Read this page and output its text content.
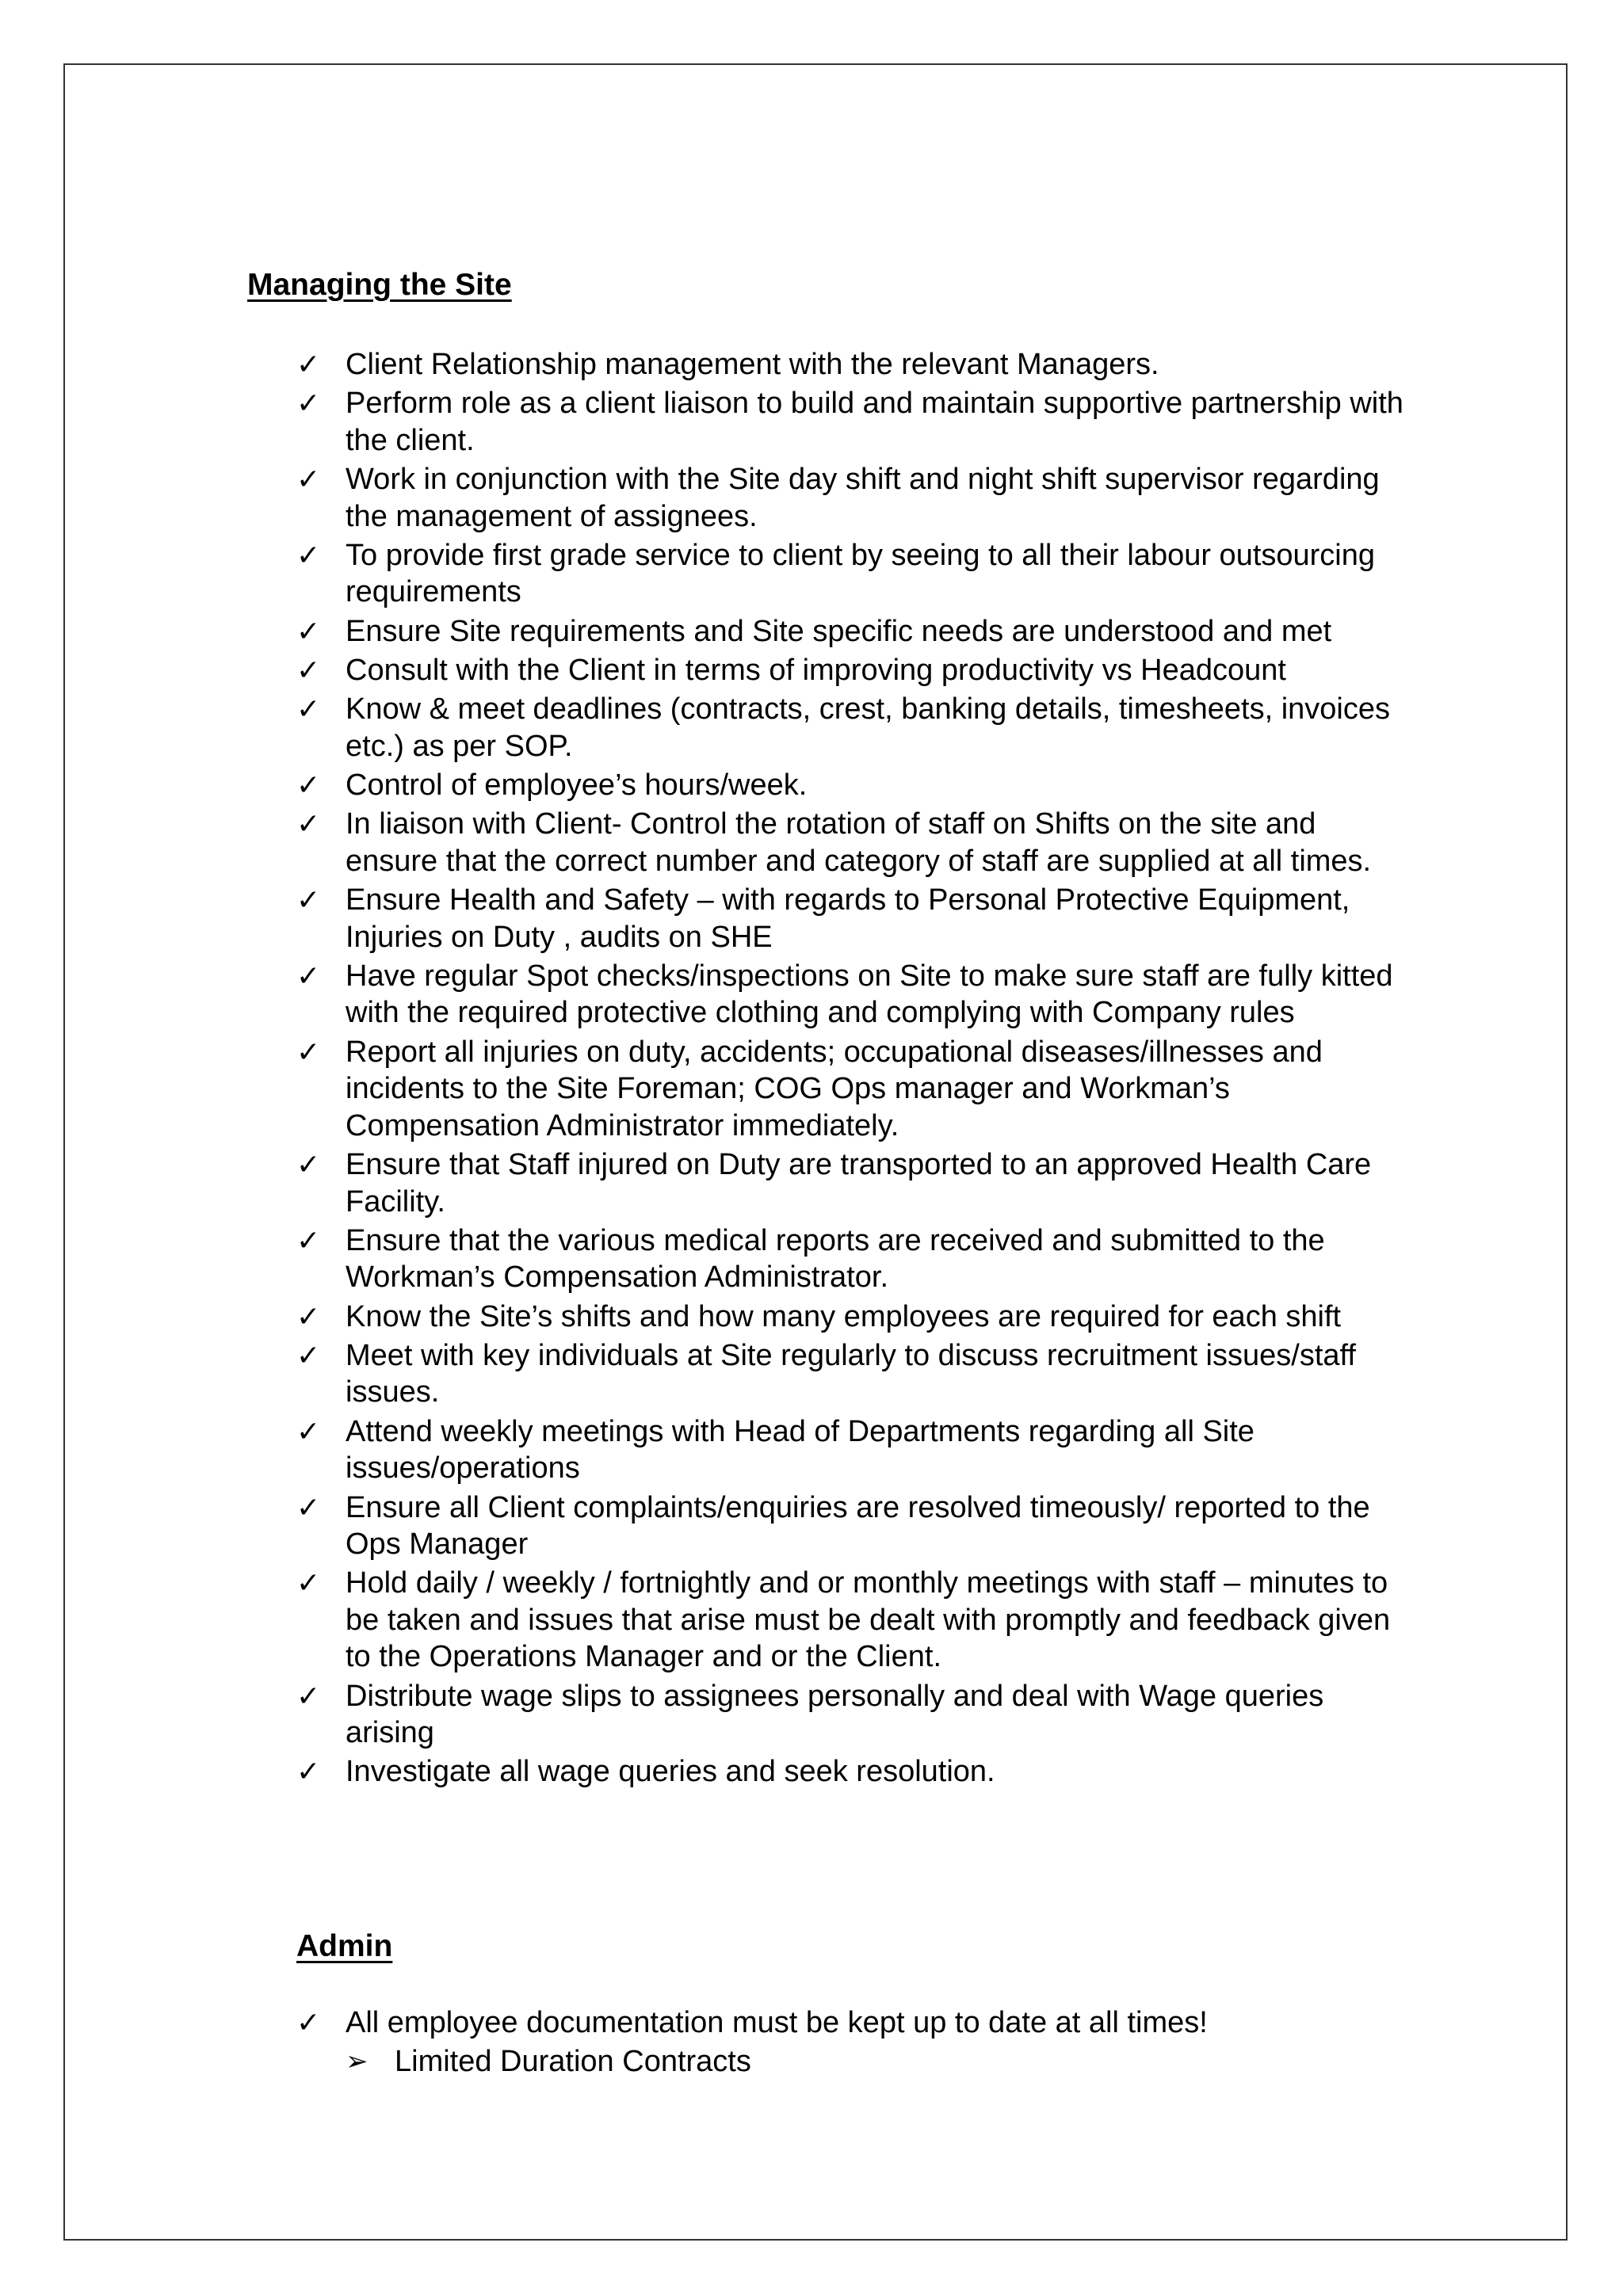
Managing the Site
✓ Client Relationship management with the relevant Managers.
✓ Perform role as a client liaison to build and maintain supportive partnership with the client.
✓ Work in conjunction with the Site day shift and night shift supervisor regarding the management of assignees.
✓ To provide first grade service to client by seeing to all their labour outsourcing requirements
✓ Ensure Site requirements and Site specific needs are understood and met
✓ Consult with the Client in terms of improving productivity vs Headcount
✓ Know & meet deadlines (contracts, crest, banking details, timesheets, invoices etc.) as per SOP.
✓ Control of employee’s hours/week.
✓ In liaison with Client- Control the rotation of staff on Shifts on the site and ensure that the correct number and category of staff are supplied at all times.
✓ Ensure Health and Safety – with regards to Personal Protective Equipment, Injuries on Duty , audits on SHE
✓ Have regular Spot checks/inspections on Site to make sure staff are fully kitted with the required protective clothing and complying with Company rules
✓ Report all injuries on duty, accidents; occupational diseases/illnesses and incidents to the Site Foreman; COG Ops manager and Workman’s Compensation Administrator immediately.
✓ Ensure that Staff injured on Duty are transported to an approved Health Care Facility.
✓ Ensure that the various medical reports are received and submitted to the Workman’s Compensation Administrator.
✓ Know the Site’s shifts and how many employees are required for each shift
✓ Meet with key individuals at Site regularly to discuss recruitment issues/staff issues.
✓ Attend weekly meetings with Head of Departments regarding all Site issues/operations
✓ Ensure all Client complaints/enquiries are resolved timeously/ reported to the Ops Manager
✓ Hold daily / weekly / fortnightly and or monthly meetings with staff – minutes to be taken and issues that arise must be dealt with promptly and feedback given to the Operations Manager and or the Client.
✓ Distribute wage slips to assignees personally and deal with Wage queries arising
✓ Investigate all wage queries and seek resolution.
Admin
✓ All employee documentation must be kept up to date at all times!
➢ Limited Duration Contracts
